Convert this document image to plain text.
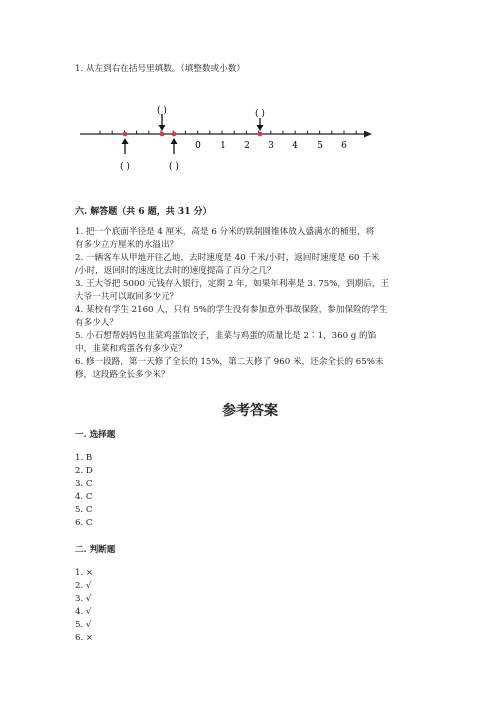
1. 从左到右在括号里填数。（填整数或小数）
0 1 2 3 4 5 6
( )	( )
( )	( )
六. 解答题（共 6 题，共 31 分）
1. 把一个底面半径是 4 厘米，高是 6 分米的铁制圆锥体放入盛满水的桶里，将
有多少立方厘米的水溢出？
2. 一辆客车从甲地开往乙地，去时速度是 40 千米/小时，返回时速度是 60 千米
/小时，返回时的速度比去时的速度提高了百分之几？
3. 王大爷把 5000 元钱存入银行，定期 2 年，如果年利率是 3. 75%，到期后，王
大爷一共可以取回多少元？
4. 某校有学生 2160 人，只有 5%的学生没有参加意外事故保险，参加保险的学生
有多少人？
5. 小石想帮妈妈包韭菜鸡蛋馅饺子，韭菜与鸡蛋的质量比是 2∶1，360 g 的馅
中，韭菜和鸡蛋各有多少克？
6. 修一段路，第一天修了全长的 15%，第二天修了 960 米，还余全长的 65%未
修，这段路全长多少米？
参考答案
一. 选择题
1. B
2. D
3. C
4. C
5. C
6. C
二. 判断题
1. ×
2. √
3. √
4. √
5. √
6. ×
